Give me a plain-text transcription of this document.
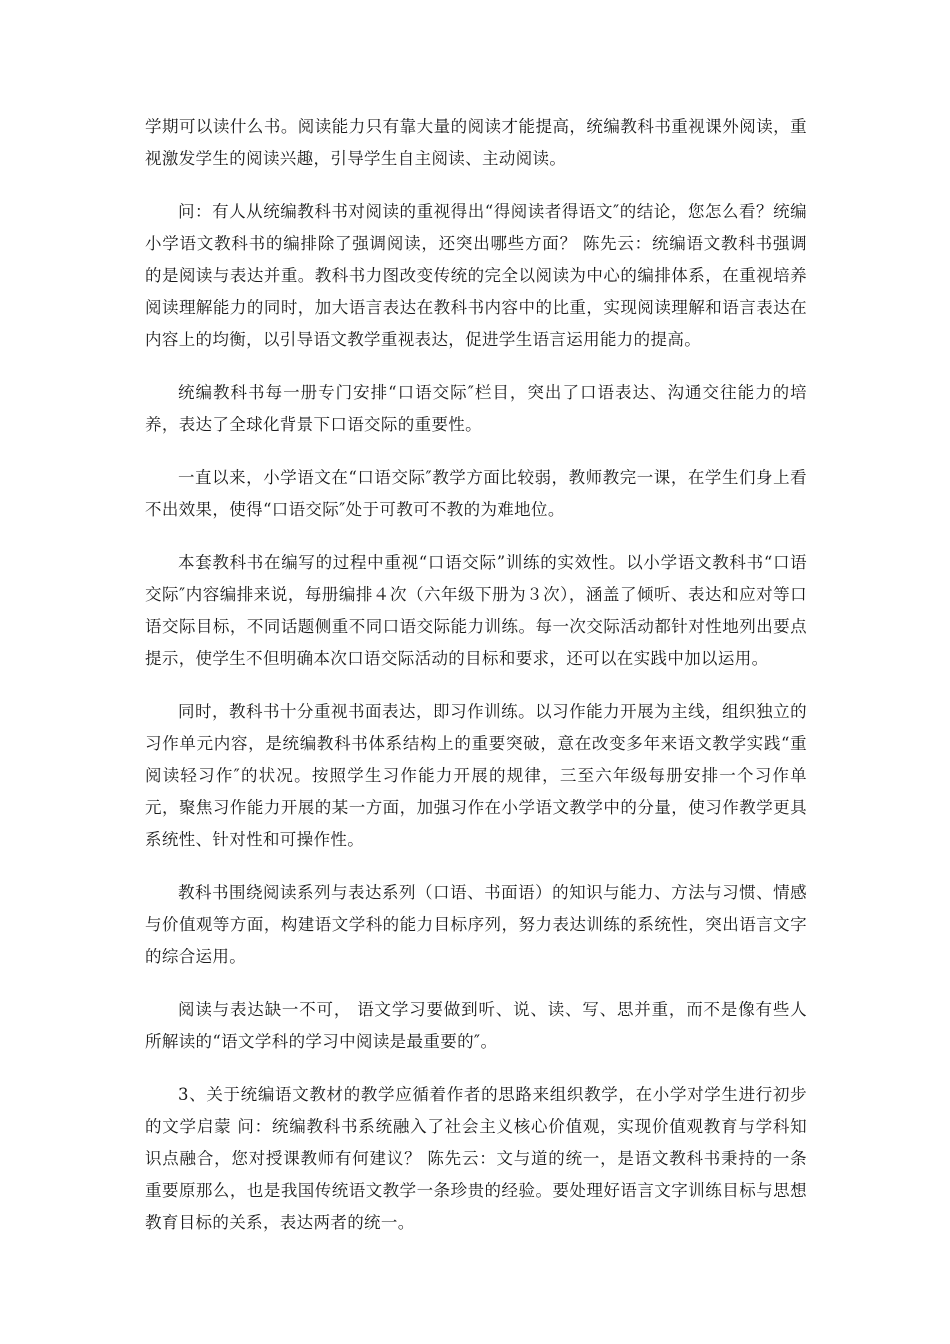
学期可以读什么书。阅读能力只有靠大量的阅读才能提高，统编教科书重视课外阅读，重视激发学生的阅读兴趣，引导学生自主阅读、主动阅读。

问：有人从统编教科书对阅读的重视得出“得阅读者得语文″的结论，您怎么看？统编小学语文教科书的编排除了强调阅读，还突出哪些方面？ 陈先云：统编语文教科书强调的是阅读与表达并重。教科书力图改变传统的完全以阅读为中心的编排体系，在重视培养阅读理解能力的同时，加大语言表达在教科书内容中的比重，实现阅读理解和语言表达在内容上的均衡，以引导语文教学重视表达，促进学生语言运用能力的提高。

统编教科书每一册专门安排“口语交际″栏目，突出了口语表达、沟通交往能力的培养，表达了全球化背景下口语交际的重要性。

一直以来，小学语文在“口语交际″教学方面比较弱，教师教完一课，在学生们身上看不出效果，使得“口语交际″处于可教可不教的为难地位。

本套教科书在编写的过程中重视“口语交际”训练的实效性。以小学语文教科书“口语交际″内容编排来说，每册编排４次（六年级下册为３次），涵盖了倾听、表达和应对等口语交际目标，不同话题侧重不同口语交际能力训练。每一次交际活动都针对性地列出要点提示，使学生不但明确本次口语交际活动的目标和要求，还可以在实践中加以运用。

同时，教科书十分重视书面表达，即习作训练。以习作能力开展为主线，组织独立的习作单元内容，是统编教科书体系结构上的重要突破，意在改变多年来语文教学实践“重阅读轻习作″的状况。按照学生习作能力开展的规律，三至六年级每册安排一个习作单元，聚焦习作能力开展的某一方面，加强习作在小学语文教学中的分量，使习作教学更具系统性、针对性和可操作性。

教科书围绕阅读系列与表达系列（口语、书面语）的知识与能力、方法与习惯、情感与价值观等方面，构建语文学科的能力目标序列，努力表达训练的系统性，突出语言文字的综合运用。

阅读与表达缺一不可， 语文学习要做到听、说、读、写、思并重，而不是像有些人所解读的“语文学科的学习中阅读是最重要的″。

3、关于统编语文教材的教学应循着作者的思路来组织教学，在小学对学生进行初步的文学启蒙 问：统编教科书系统融入了社会主义核心价值观，实现价值观教育与学科知识点融合，您对授课教师有何建议？ 陈先云：文与道的统一，是语文教科书秉持的一条重要原那么，也是我国传统语文教学一条珍贵的经验。要处理好语言文字训练目标与思想教育目标的关系，表达两者的统一。
